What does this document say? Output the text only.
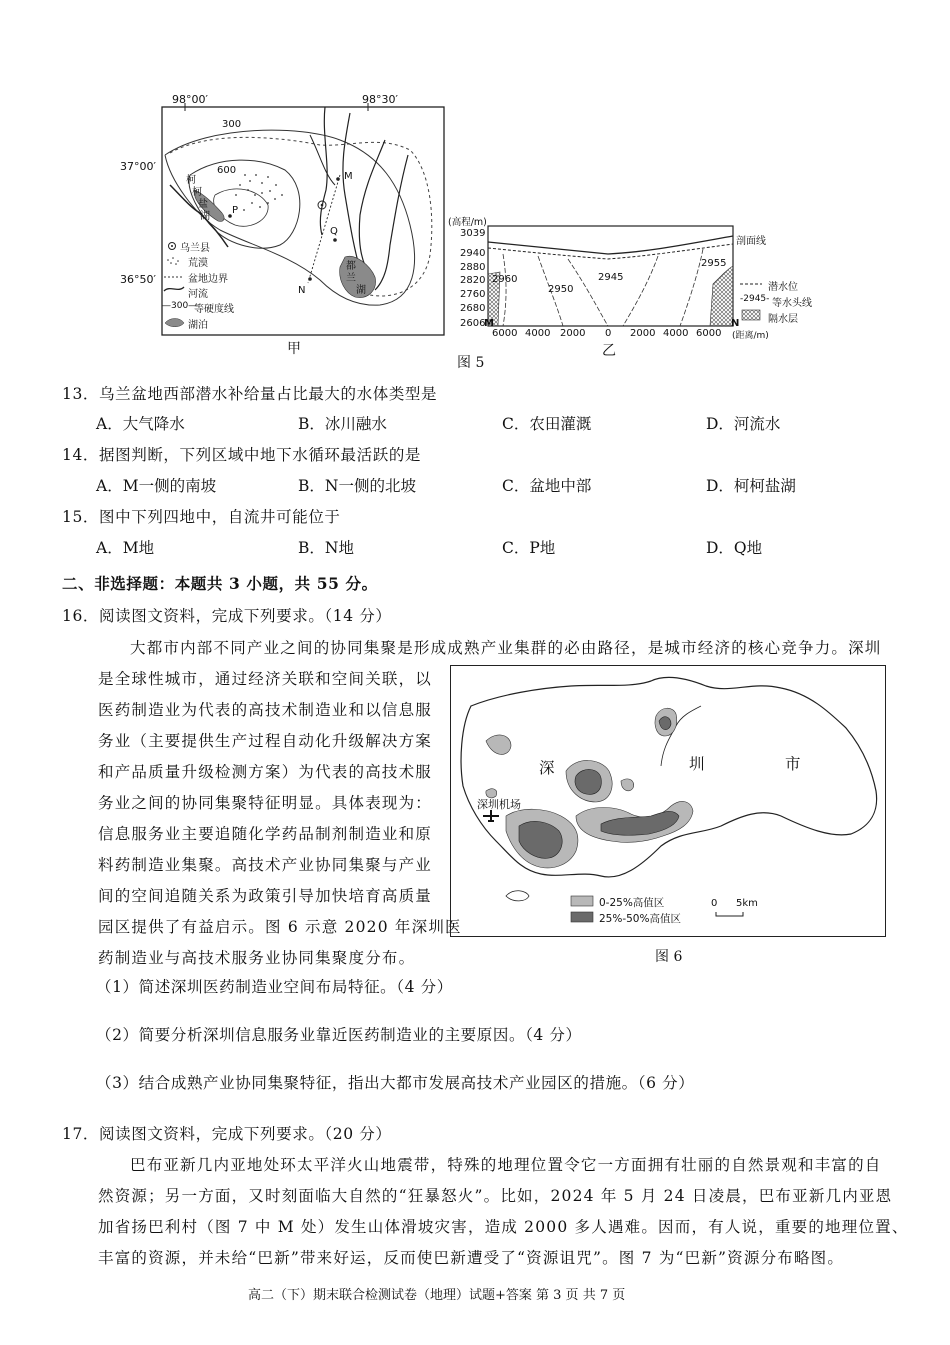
98°00′	98°30′
37°00′
36°50′
300
600
柯
柯
盐
湖
都
兰
湖
M
N
P
Q
乌兰县
荒漠
盆地边界
河流
—300—
等硬度线
湖泊
甲
(高程/m)
3039
2940
2880
2820
2760
2680
2606
M	N
6000 4000 2000 0 2000 4000 6000 (距离/m)
2960
2950
2945
2955
剖面线
潜水位
-2945- 等水头线
隔水层
乙
图 5
13．乌兰盆地西部潜水补给量占比最大的水体类型是
A．大气降水	B．冰川融水	C．农田灌溉	D．河流水
14．据图判断，下列区域中地下水循环最活跃的是
A．M一侧的南坡	B．N一侧的北坡	C．盆地中部	D．柯柯盐湖
15．图中下列四地中，自流井可能位于
A．M地	B．N地	C．P地	D．Q地
二、非选择题：本题共 3 小题，共 55 分。
16．阅读图文资料，完成下列要求。（14 分）
大都市内部不同产业之间的协同集聚是形成成熟产业集群的必由路径，是城市经济的核心竞争力。深圳
是全球性城市，通过经济关联和空间关联，以
医药制造业为代表的高技术制造业和以信息服
务业（主要提供生产过程自动化升级解决方案
和产品质量升级检测方案）为代表的高技术服
务业之间的协同集聚特征明显。具体表现为：
信息服务业主要追随化学药品制剂制造业和原
料药制造业集聚。高技术产业协同集聚与产业
间的空间追随关系为政策引导加快培育高质量
园区提供了有益启示。图 6 示意 2020 年深圳医
药制造业与高技术服务业协同集聚度分布。
深	圳	市
深圳机场
0-25%高值区
25%-50%高值区
0 5km
图 6
（1）简述深圳医药制造业空间布局特征。（4 分）
（2）简要分析深圳信息服务业靠近医药制造业的主要原因。（4 分）
（3）结合成熟产业协同集聚特征，指出大都市发展高技术产业园区的措施。（6 分）
17．阅读图文资料，完成下列要求。（20 分）
巴布亚新几内亚地处环太平洋火山地震带，特殊的地理位置令它一方面拥有壮丽的自然景观和丰富的自
然资源；另一方面，又时刻面临大自然的“狂暴怒火”。比如，2024 年 5 月 24 日凌晨，巴布亚新几内亚恩
加省扬巴利村（图 7 中 M 处）发生山体滑坡灾害，造成 2000 多人遇难。因而，有人说，重要的地理位置、
丰富的资源，并未给“巴新”带来好运，反而使巴新遭受了“资源诅咒”。图 7 为“巴新”资源分布略图。
高二（下）期末联合检测试卷（地理）试题+答案 第 3 页 共 7 页
